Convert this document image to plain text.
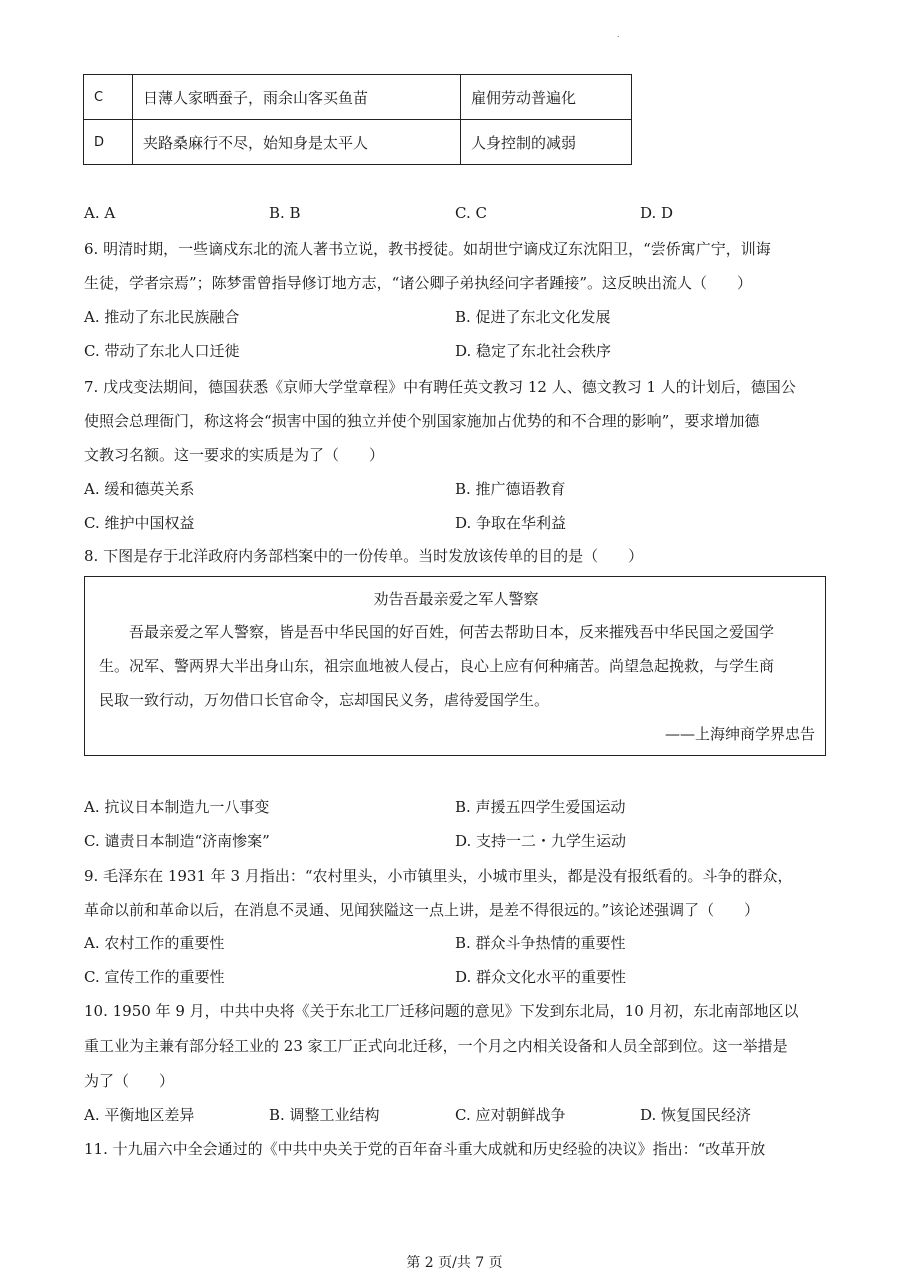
.
C	日薄人家晒蚕子，雨余山客买鱼苗	雇佣劳动普遍化
D	夹路桑麻行不尽，始知身是太平人	人身控制的减弱
A. A	B. B	C. C	D. D
6. 明清时期，一些谪戍东北的流人著书立说，教书授徒。如胡世宁谪戍辽东沈阳卫，“尝侨寓广宁，训诲
生徒，学者宗焉”；陈梦雷曾指导修订地方志，“诸公卿子弟执经问字者踵接”。这反映出流人（　　）
A. 推动了东北民族融合	B. 促进了东北文化发展
C. 带动了东北人口迁徙	D. 稳定了东北社会秩序
7. 戊戌变法期间，德国获悉《京师大学堂章程》中有聘任英文教习 12 人、德文教习 1 人的计划后，德国公
使照会总理衙门，称这将会“损害中国的独立并使个别国家施加占优势的和不合理的影响”，要求增加德
文教习名额。这一要求的实质是为了（　　）
A. 缓和德英关系	B. 推广德语教育
C. 维护中国权益	D. 争取在华利益
8. 下图是存于北洋政府内务部档案中的一份传单。当时发放该传单的目的是（　　）
劝告吾最亲爱之军人警察
吾最亲爱之军人警察，皆是吾中华民国的好百姓，何苦去帮助日本，反来摧残吾中华民国之爱国学
生。况军、警两界大半出身山东，祖宗血地被人侵占，良心上应有何种痛苦。尚望急起挽救，与学生商
民取一致行动，万勿借口长官命令，忘却国民义务，虐待爱国学生。
——上海绅商学界忠告
A. 抗议日本制造九一八事变	B. 声援五四学生爱国运动
C. 谴责日本制造“济南惨案”	D. 支持一二・九学生运动
9. 毛泽东在 1931 年 3 月指出：“农村里头，小市镇里头，小城市里头，都是没有报纸看的。斗争的群众，
革命以前和革命以后，在消息不灵通、见闻狭隘这一点上讲，是差不得很远的。”该论述强调了（　　）
A. 农村工作的重要性	B. 群众斗争热情的重要性
C. 宣传工作的重要性	D. 群众文化水平的重要性
10. 1950 年 9 月，中共中央将《关于东北工厂迁移问题的意见》下发到东北局，10 月初，东北南部地区以
重工业为主兼有部分轻工业的 23 家工厂正式向北迁移，一个月之内相关设备和人员全部到位。这一举措是
为了（　　）
A. 平衡地区差异	B. 调整工业结构	C. 应对朝鲜战争	D. 恢复国民经济
11. 十九届六中全会通过的《中共中央关于党的百年奋斗重大成就和历史经验的决议》指出：“改革开放
第 2 页/共 7 页
